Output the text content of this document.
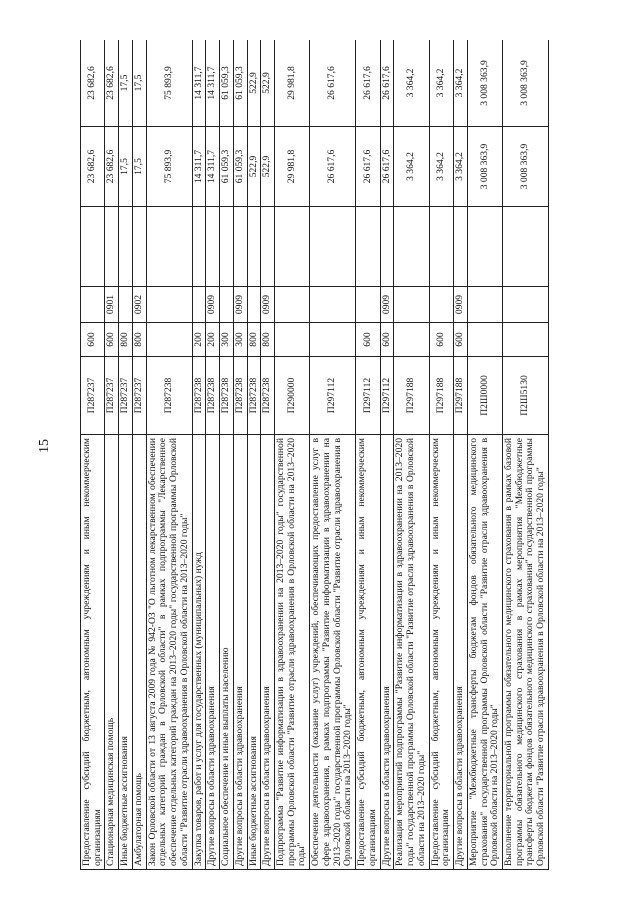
15	Предоставление субсидий бюджетным, автономным учреждениям и иным некоммерческим организациям	П287237	600			23 682,6	23 682,6
Стационарная медицинская помощь	П287237	600	0901		23 682,6	23 682,6
Иные бюджетные ассигнования	П287237	800			17,5	17,5
Амбулаторная помощь	П287237	800	0902		17,5	17,5
Закон Орловской области от 13 августа 2009 года № 942-ОЗ "О льготном лекарственном обеспечении отдельных категорий граждан в Орловской области" в рамках подпрограммы "Лекарственное обеспечение отдельных категорий граждан на 2013–2020 годы" государственной программы Орловской области "Развитие отрасли здравоохранения в Орловской области на 2013–2020 годы"	П287238				75 893,9	75 893,9
Закупка товаров, работ и услуг для государственных (муниципальных) нужд	П287238	200			14 311,7	14 311,7
Другие вопросы в области здравоохранения	П287238	200	0909		14 311,7	14 311,7
Социальное обеспечение и иные выплаты населению	П287238	300			61 059,3	61 059,3
Другие вопросы в области здравоохранения	П287238	300	0909		61 059,3	61 059,3
Иные бюджетные ассигнования	П287238	800			522,9	522,9
Другие вопросы в области здравоохранения	П287238	800	0909		522,9	522,9
Подпрограмма "Развитие информатизации в здравоохранении на 2013–2020 годы" государственной программы Орловской области "Развитие отрасли здравоохранения в Орловской области на 2013–2020 годы"	П290000				29 981,8	29 981,8
Обеспечение деятельности (оказание услуг) учреждений, обеспечивающих предоставление услуг в сфере здравоохранения, в рамках подпрограммы "Развитие информатизации в здравоохранении на 2013–2020 годы" государственной программы Орловской области "Развитие отрасли здравоохранения в Орловской области на 2013–2020 годы"	П297112				26 617,6	26 617,6
Предоставление субсидий бюджетным, автономным учреждениям и иным некоммерческим организациям	П297112	600			26 617,6	26 617,6
Другие вопросы в области здравоохранения	П297112	600	0909		26 617,6	26 617,6
Реализация мероприятий подпрограммы "Развитие информатизации в здравоохранении на 2013–2020 годы" государственной программы Орловской области "Развитие отрасли здравоохранения в Орловской области на 2013–2020 годы"	П297188				3 364,2	3 364,2
Предоставление субсидий бюджетным, автономным учреждениям и иным некоммерческим организациям	П297188	600			3 364,2	3 364,2
Другие вопросы в области здравоохранения	П297188	600	0909		3 364,2	3 364,2
Мероприятие "Межбюджетные трансферты бюджетам фондов обязательного медицинского страхования" государственной программы Орловской области "Развитие отрасли здравоохранения в Орловской области на 2013–2020 годы"	П2Ш0000				3 008 363,9	3 008 363,9
Выполнение территориальной программы обязательного медицинского страхования в рамках базовой программы обязательного медицинского страхования в рамках мероприятия "Межбюджетные трансферты бюджетам фондов обязательного медицинского страхования" государственной программы Орловской области "Развитие отрасли здравоохранения в Орловской области на 2013–2020 годы"	П2Ш5130				3 008 363,9	3 008 363,9
